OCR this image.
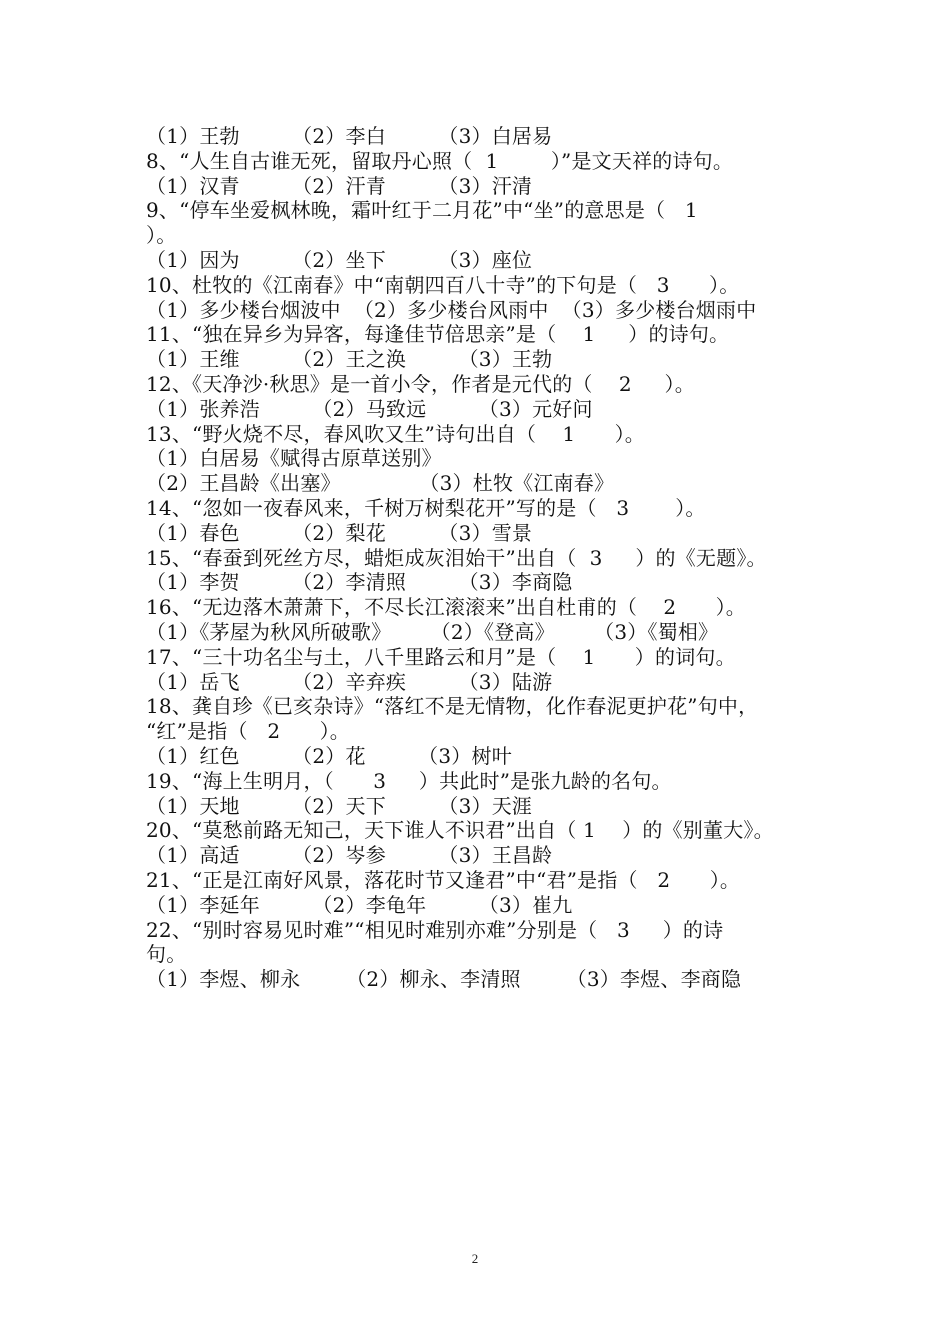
（1）王勃        （2）李白        （3）白居易
8、“人生自古谁无死，留取丹心照（  1        ）”是文天祥的诗句。
（1）汉青        （2）汗青        （3）汗清
9、“停车坐爱枫林晚，霜叶红于二月花”中“坐”的意思是（   1
）。
（1）因为        （2）坐下        （3）座位
10、杜牧的《江南春》中“南朝四百八十寺”的下句是（   3      ）。
（1）多少楼台烟波中  （2）多少楼台风雨中  （3）多少楼台烟雨中
11、“独在异乡为异客，每逢佳节倍思亲”是（    1     ）的诗句。
（1）王维        （2）王之涣        （3）王勃
12、《天净沙·秋思》是一首小令，作者是元代的（    2     ）。
（1）张养浩        （2）马致远        （3）元好问
13、“野火烧不尽，春风吹又生”诗句出自（    1      ）。
（1）白居易《赋得古原草送别》
（2）王昌龄《出塞》            （3）杜牧《江南春》
14、“忽如一夜春风来，千树万树梨花开”写的是（   3       ）。
（1）春色        （2）梨花        （3）雪景
15、“春蚕到死丝方尽，蜡炬成灰泪始干”出自（  3     ）的《无题》。
（1）李贺        （2）李清照        （3）李商隐
16、“无边落木萧萧下，不尽长江滚滚来”出自杜甫的（    2      ）。
（1）《茅屋为秋风所破歌》      （2）《登高》      （3）《蜀相》
17、“三十功名尘与土，八千里路云和月”是（    1      ）的词句。
（1）岳飞        （2）辛弃疾        （3）陆游
18、龚自珍《已亥杂诗》“落红不是无情物，化作春泥更护花”句中，
“红”是指（   2      ）。
（1）红色        （2）花        （3）树叶
19、“海上生明月，（      3     ）共此时”是张九龄的名句。
（1）天地        （2）天下        （3）天涯
20、“莫愁前路无知己，天下谁人不识君”出自（ 1    ）的《别董大》。
（1）高适        （2）岑参        （3）王昌龄
21、“正是江南好风景，落花时节又逢君”中“君”是指（   2      ）。
（1）李延年        （2）李龟年        （3）崔九
22、“别时容易见时难”“相见时难别亦难”分别是（   3     ）的诗
句。
（1）李煜、柳永       （2）柳永、李清照       （3）李煜、李商隐
2
